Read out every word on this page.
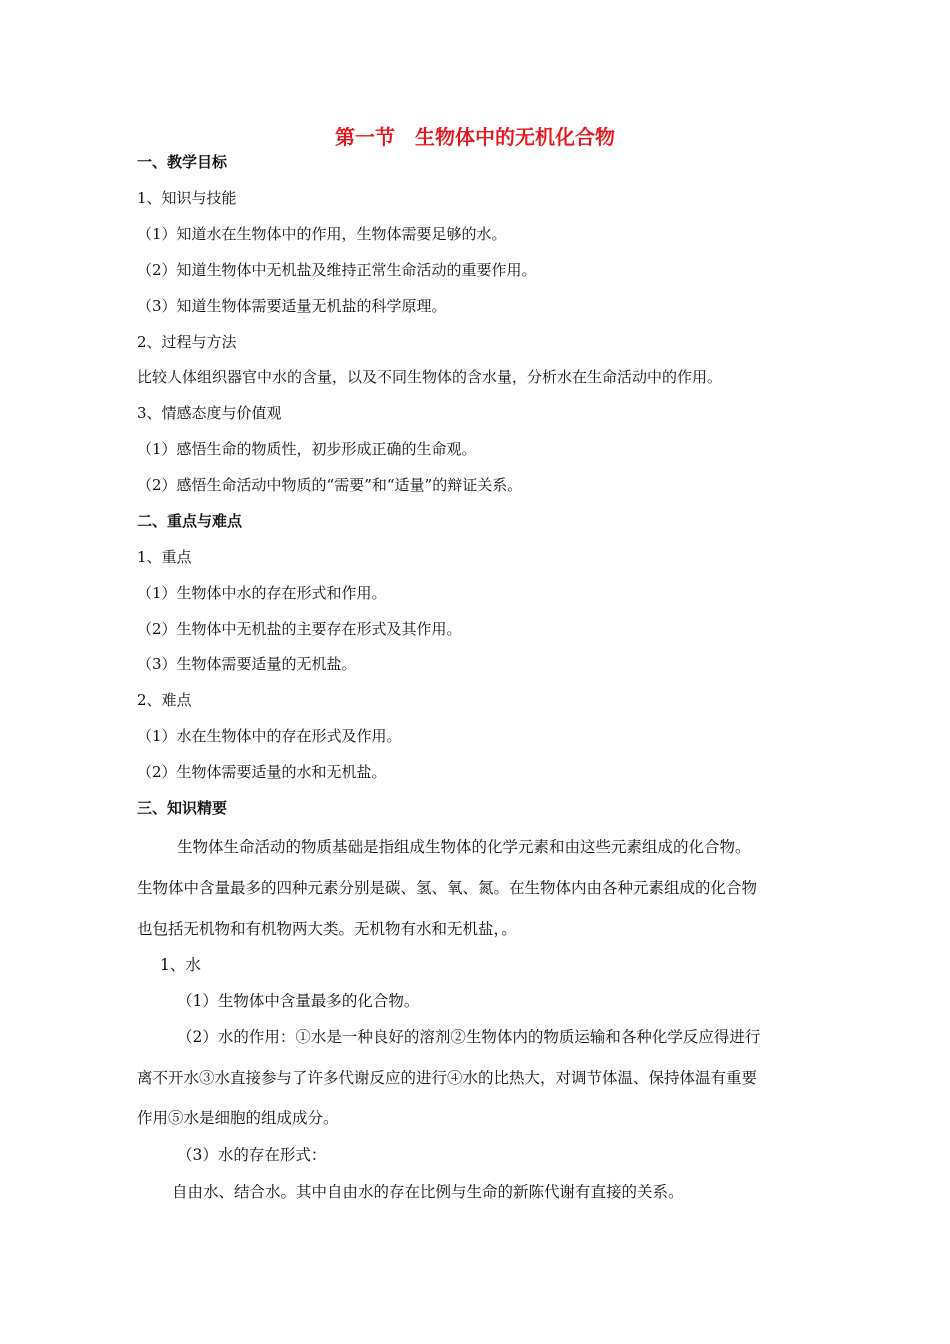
第一节　生物体中的无机化合物
一、教学目标
1、知识与技能
（1）知道水在生物体中的作用，生物体需要足够的水。
（2）知道生物体中无机盐及维持正常生命活动的重要作用。
（3）知道生物体需要适量无机盐的科学原理。
2、过程与方法
比较人体组织器官中水的含量，以及不同生物体的含水量，分析水在生命活动中的作用。
3、情感态度与价值观
（1）感悟生命的物质性，初步形成正确的生命观。
（2）感悟生命活动中物质的“需要”和“适量”的辩证关系。
二、重点与难点
1、重点
（1）生物体中水的存在形式和作用。
（2）生物体中无机盐的主要存在形式及其作用。
（3）生物体需要适量的无机盐。
2、难点
（1）水在生物体中的存在形式及作用。
（2）生物体需要适量的水和无机盐。
三、知识精要
生物体生命活动的物质基础是指组成生物体的化学元素和由这些元素组成的化合物。
生物体中含量最多的四种元素分别是碳、氢、氧、氮。在生物体内由各种元素组成的化合物
也包括无机物和有机物两大类。无机物有水和无机盐，。
1、水
（1）生物体中含量最多的化合物。
（2）水的作用：①水是一种良好的溶剂②生物体内的物质运输和各种化学反应得进行
离不开水③水直接参与了许多代谢反应的进行④水的比热大，对调节体温、保持体温有重要
作用⑤水是细胞的组成成分。
（3）水的存在形式：
自由水、结合水。其中自由水的存在比例与生命的新陈代谢有直接的关系。
